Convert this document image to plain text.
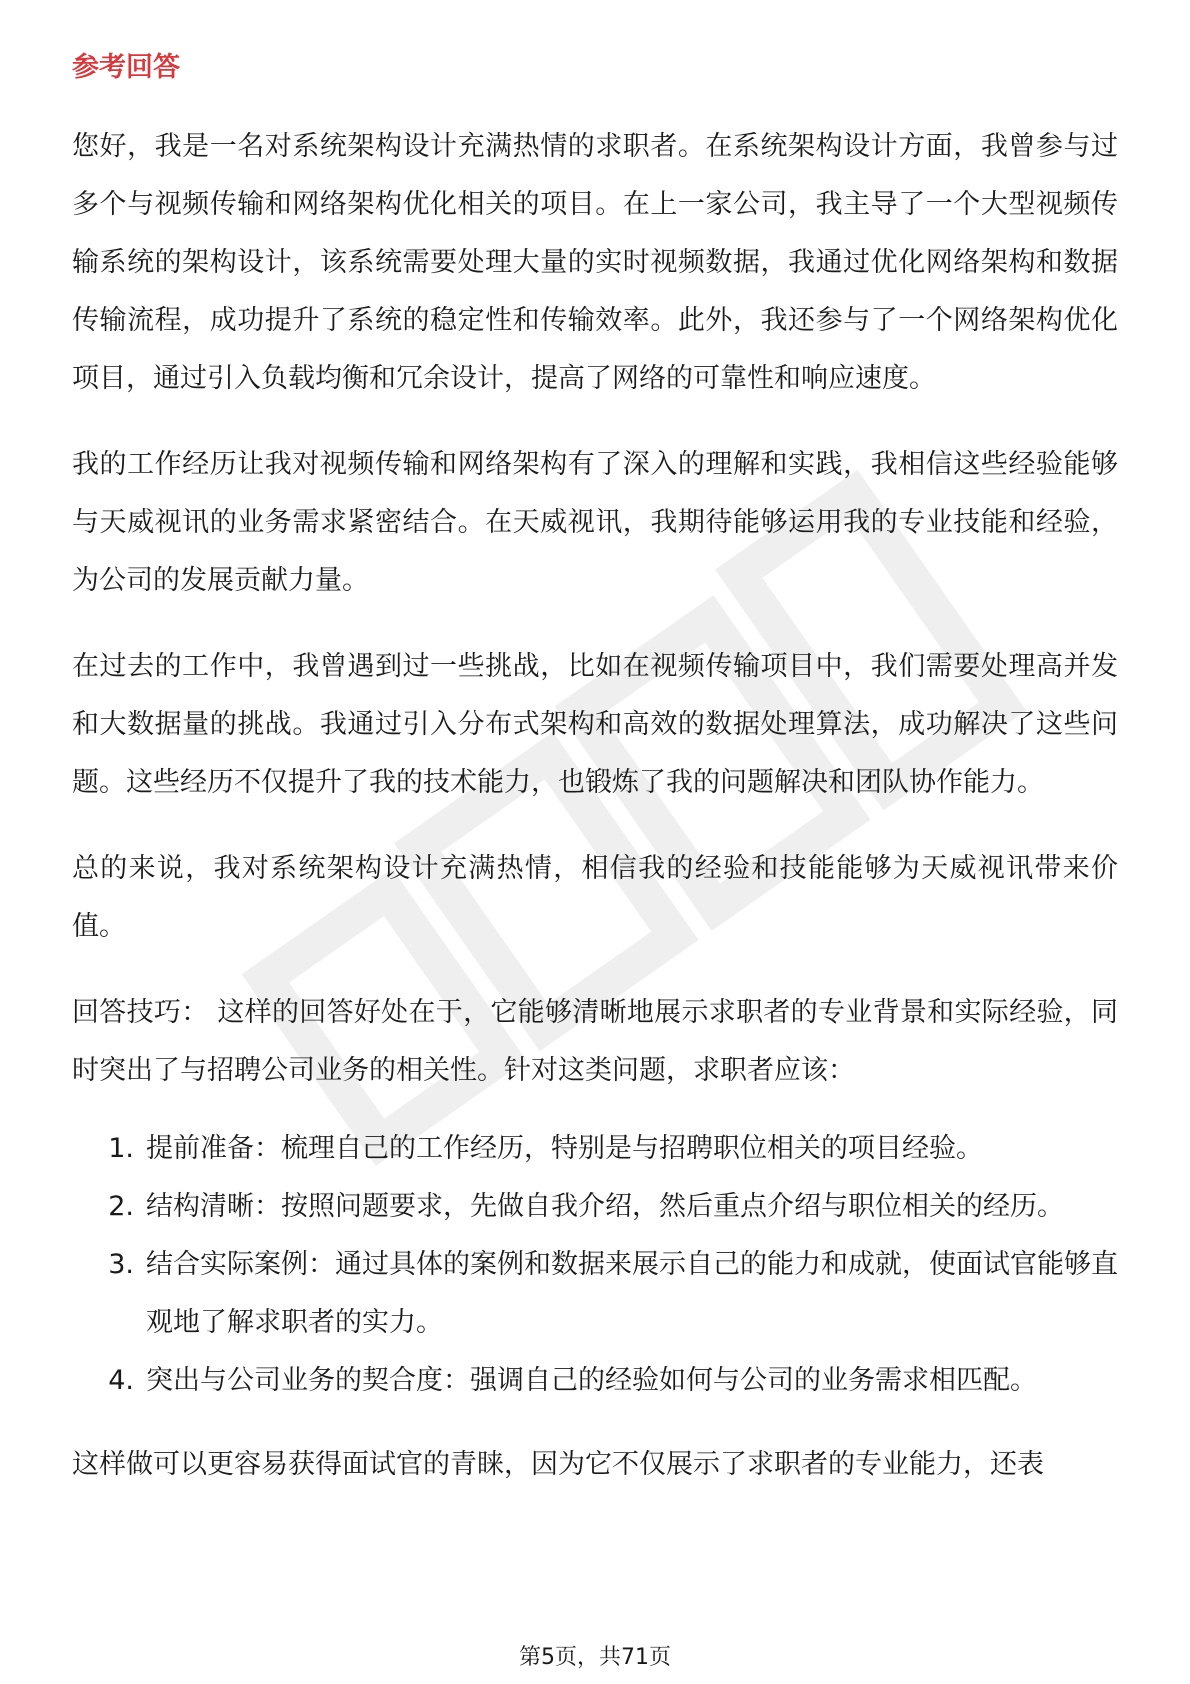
参考回答

您好，我是一名对系统架构设计充满热情的求职者。在系统架构设计方面，我曾参与过多个与视频传输和网络架构优化相关的项目。在上一家公司，我主导了一个大型视频传输系统的架构设计，该系统需要处理大量的实时视频数据，我通过优化网络架构和数据传输流程，成功提升了系统的稳定性和传输效率。此外，我还参与了一个网络架构优化项目，通过引入负载均衡和冗余设计，提高了网络的可靠性和响应速度。

我的工作经历让我对视频传输和网络架构有了深入的理解和实践，我相信这些经验能够与天威视讯的业务需求紧密结合。在天威视讯，我期待能够运用我的专业技能和经验，为公司的发展贡献力量。

在过去的工作中，我曾遇到过一些挑战，比如在视频传输项目中，我们需要处理高并发和大数据量的挑战。我通过引入分布式架构和高效的数据处理算法，成功解决了这些问题。这些经历不仅提升了我的技术能力，也锻炼了我的问题解决和团队协作能力。

总的来说，我对系统架构设计充满热情，相信我的经验和技能能够为天威视讯带来价值。

回答技巧： 这样的回答好处在于，它能够清晰地展示求职者的专业背景和实际经验，同时突出了与招聘公司业务的相关性。针对这类问题，求职者应该：

1. 提前准备：梳理自己的工作经历，特别是与招聘职位相关的项目经验。
2. 结构清晰：按照问题要求，先做自我介绍，然后重点介绍与职位相关的经历。
3. 结合实际案例：通过具体的案例和数据来展示自己的能力和成就，使面试官能够直观地了解求职者的实力。
4. 突出与公司业务的契合度：强调自己的经验如何与公司的业务需求相匹配。

这样做可以更容易获得面试官的青睐，因为它不仅展示了求职者的专业能力，还表

第5页，共71页
